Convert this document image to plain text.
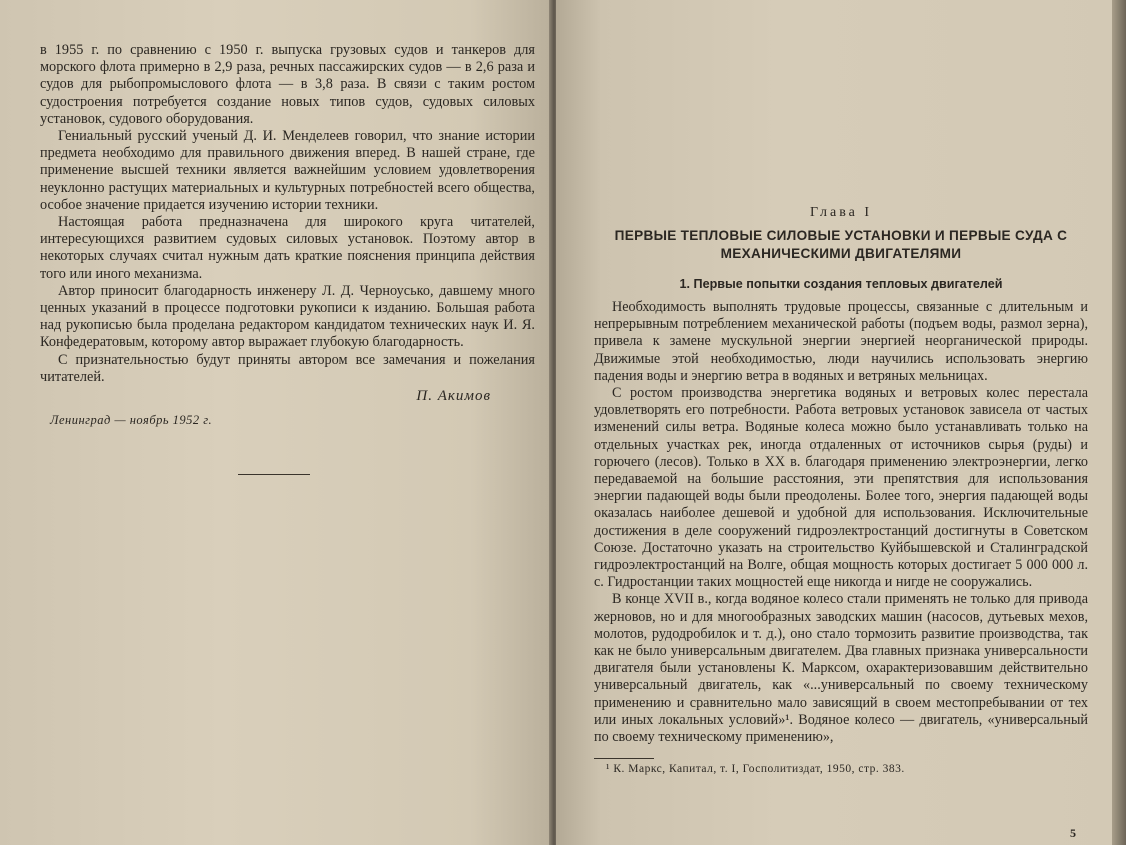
в 1955 г. по сравнению с 1950 г. выпуска грузовых судов и танкеров для морского флота примерно в 2,9 раза, речных пассажирских судов — в 2,6 раза и судов для рыбопромыслового флота — в 3,8 раза. В связи с таким ростом судостроения потребуется создание новых типов судов, судовых силовых установок, судового оборудования.

Гениальный русский ученый Д. И. Менделеев говорил, что знание истории предмета необходимо для правильного движения вперед. В нашей стране, где применение высшей техники является важнейшим условием удовлетворения неуклонно растущих материальных и культурных потребностей всего общества, особое значение придается изучению истории техники.

Настоящая работа предназначена для широкого круга читателей, интересующихся развитием судовых силовых установок. Поэтому автор в некоторых случаях считал нужным дать краткие пояснения принципа действия того или иного механизма.

Автор приносит благодарность инженеру Л. Д. Черноусько, давшему много ценных указаний в процессе подготовки рукописи к изданию. Большая работа над рукописью была проделана редактором кандидатом технических наук И. Я. Конфедератовым, которому автор выражает глубокую благодарность.

С признательностью будут приняты автором все замечания и пожелания читателей.

П. Акимов
Ленинград — ноябрь 1952 г.
Глава I
ПЕРВЫЕ ТЕПЛОВЫЕ СИЛОВЫЕ УСТАНОВКИ И ПЕРВЫЕ СУДА С МЕХАНИЧЕСКИМИ ДВИГАТЕЛЯМИ
1. Первые попытки создания тепловых двигателей

Необходимость выполнять трудовые процессы, связанные с длительным и непрерывным потреблением механической работы (подъем воды, размол зерна), привела к замене мускульной энергии энергией неорганической природы. Движимые этой необходимостью, люди научились использовать энергию падения воды и энергию ветра в водяных и ветряных мельницах.

С ростом производства энергетика водяных и ветровых колес перестала удовлетворять его потребности. Работа ветровых установок зависела от частых изменений силы ветра. Водяные колеса можно было устанавливать только на отдельных участках рек, иногда отдаленных от источников сырья (руды) и горючего (лесов). Только в XX в. благодаря применению электроэнергии, легко передаваемой на большие расстояния, эти препятствия для использования энергии падающей воды были преодолены. Более того, энергия падающей воды оказалась наиболее дешевой и удобной для использования. Исключительные достижения в деле сооружений гидроэлектростанций достигнуты в Советском Союзе. Достаточно указать на строительство Куйбышевской и Сталинградской гидроэлектростанций на Волге, общая мощность которых достигает 5 000 000 л. с. Гидростанции таких мощностей еще никогда и нигде не сооружались.

В конце XVII в., когда водяное колесо стали применять не только для привода жерновов, но и для многообразных заводских машин (насосов, дутьевых мехов, молотов, рудодробилок и т. д.), оно стало тормозить развитие производства, так как не было универсальным двигателем. Два главных признака универсальности двигателя были установлены К. Марксом, охарактеризовавшим действительно универсальный двигатель, как «...универсальный по своему техническому применению и сравнительно мало зависящий в своем местопребывании от тех или иных локальных условий»¹. Водяное колесо — двигатель, «универсальный по своему техническому применению»,

¹ К. Маркс, Капитал, т. I, Госполитиздат, 1950, стр. 383.
5
